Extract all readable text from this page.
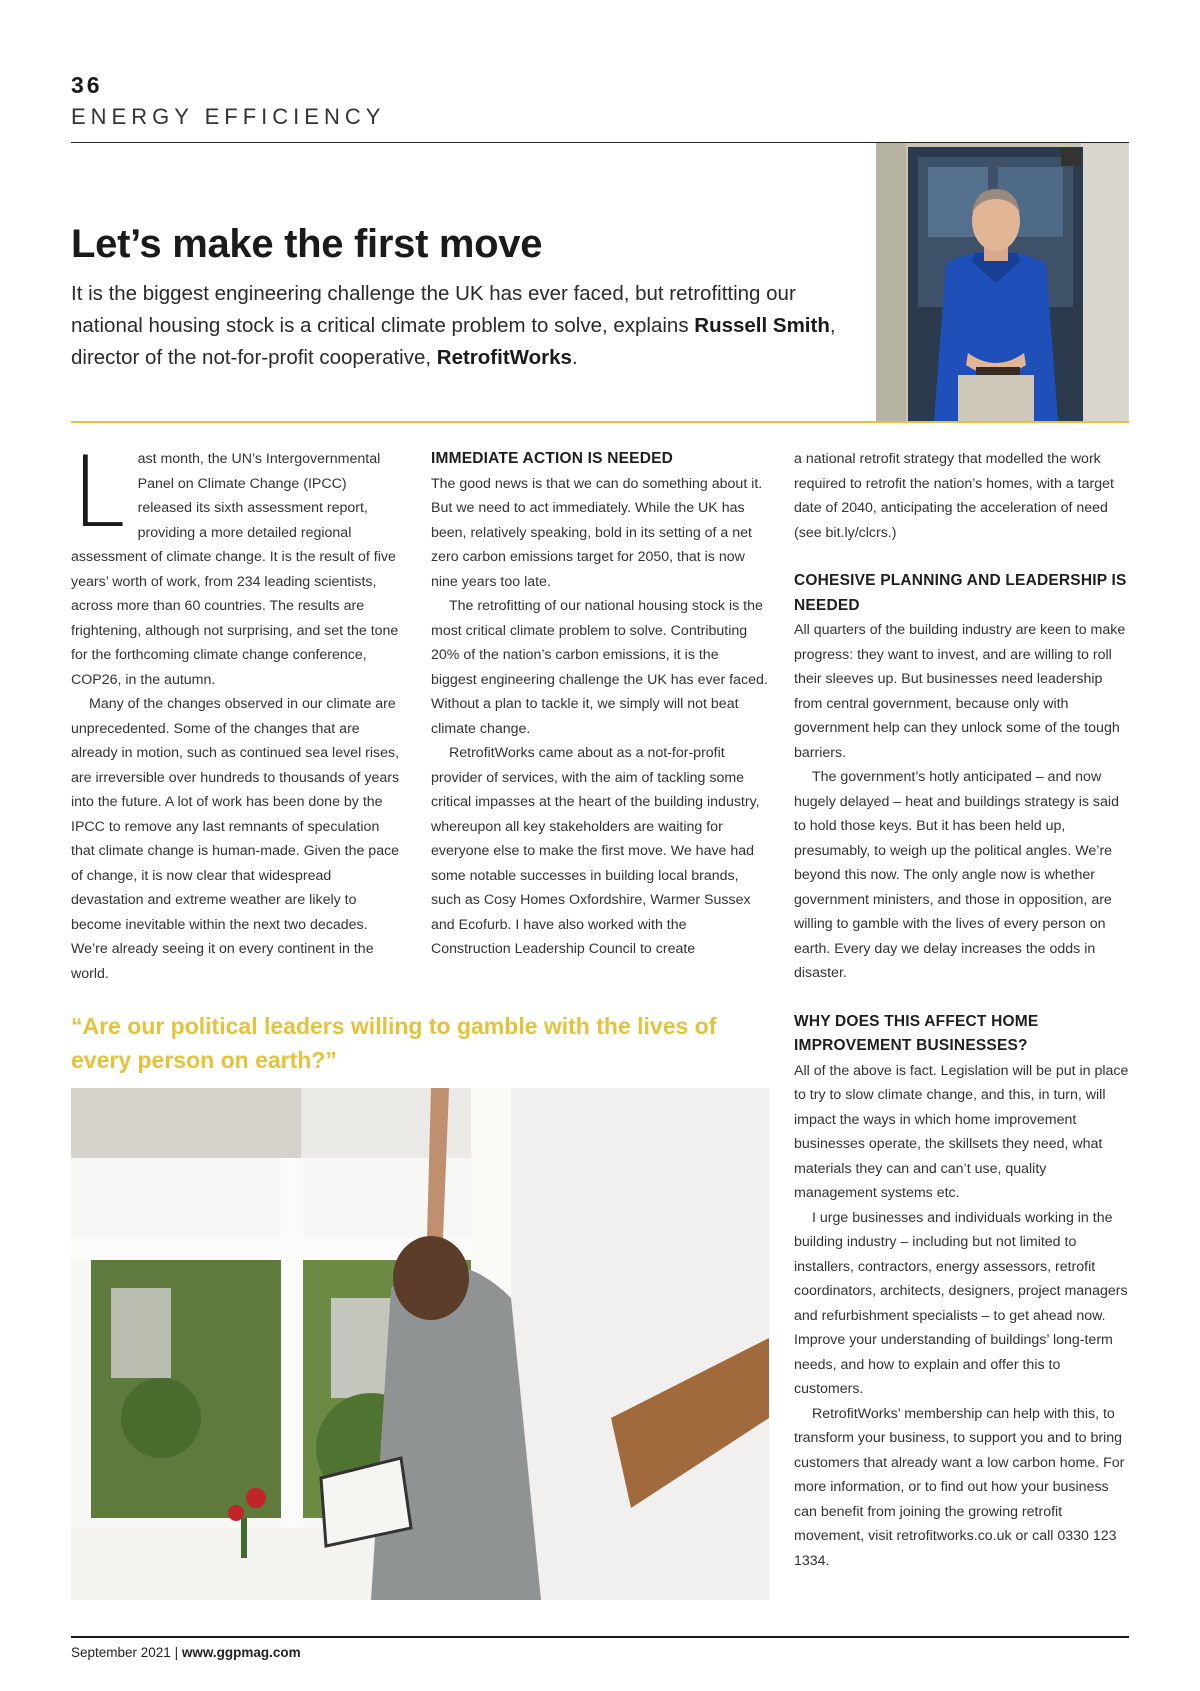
36
ENERGY EFFICIENCY
Let’s make the first move
It is the biggest engineering challenge the UK has ever faced, but retrofitting our national housing stock is a critical climate problem to solve, explains Russell Smith, director of the not-for-profit cooperative, RetrofitWorks.
L ast month, the UN’s Intergovernmental Panel on Climate Change (IPCC) released its sixth assessment report, providing a more detailed regional assessment of climate change. It is the result of five years’ worth of work, from 234 leading scientists, across more than 60 countries. The results are frightening, although not surprising, and set the tone for the forthcoming climate change conference, COP26, in the autumn.

Many of the changes observed in our climate are unprecedented. Some of the changes that are already in motion, such as continued sea level rises, are irreversible over hundreds to thousands of years into the future. A lot of work has been done by the IPCC to remove any last remnants of speculation that climate change is human-made. Given the pace of change, it is now clear that widespread devastation and extreme weather are likely to become inevitable within the next two decades. We’re already seeing it on every continent in the world.

IMMEDIATE ACTION IS NEEDED

The good news is that we can do something about it. But we need to act immediately. While the UK has been, relatively speaking, bold in its setting of a net zero carbon emissions target for 2050, that is now nine years too late.

The retrofitting of our national housing stock is the most critical climate problem to solve. Contributing 20% of the nation’s carbon emissions, it is the biggest engineering challenge the UK has ever faced. Without a plan to tackle it, we simply will not beat climate change.

RetrofitWorks came about as a not-for-profit provider of services, with the aim of tackling some critical impasses at the heart of the building industry, whereupon all key stakeholders are waiting for everyone else to make the first move. We have had some notable successes in building local brands, such as Cosy Homes Oxfordshire, Warmer Sussex and Ecofurb. I have also worked with the Construction Leadership Council to create

a national retrofit strategy that modelled the work required to retrofit the nation’s homes, with a target date of 2040, anticipating the acceleration of need (see bit.ly/clcrs.)

COHESIVE PLANNING AND LEADERSHIP IS NEEDED

All quarters of the building industry are keen to make progress: they want to invest, and are willing to roll their sleeves up. But businesses need leadership from central government, because only with government help can they unlock some of the tough barriers.

The government’s hotly anticipated – and now hugely delayed – heat and buildings strategy is said to hold those keys. But it has been held up, presumably, to weigh up the political angles. We’re beyond this now. The only angle now is whether government ministers, and those in opposition, are willing to gamble with the lives of every person on earth. Every day we delay increases the odds in disaster.

WHY DOES THIS AFFECT HOME IMPROVEMENT BUSINESSES?

All of the above is fact. Legislation will be put in place to try to slow climate change, and this, in turn, will impact the ways in which home improvement businesses operate, the skillsets they need, what materials they can and can’t use, quality management systems etc.

I urge businesses and individuals working in the building industry – including but not limited to installers, contractors, energy assessors, retrofit coordinators, architects, designers, project managers and refurbishment specialists – to get ahead now. Improve your understanding of buildings’ long-term needs, and how to explain and offer this to customers.

RetrofitWorks’ membership can help with this, to transform your business, to support you and to bring customers that already want a low carbon home. For more information, or to find out how your business can benefit from joining the growing retrofit movement, visit retrofitworks.co.uk or call 0330 123 1334.

“Are our political leaders willing to gamble with the lives of every person on earth?”
September 2021 | www.ggpmag.com
